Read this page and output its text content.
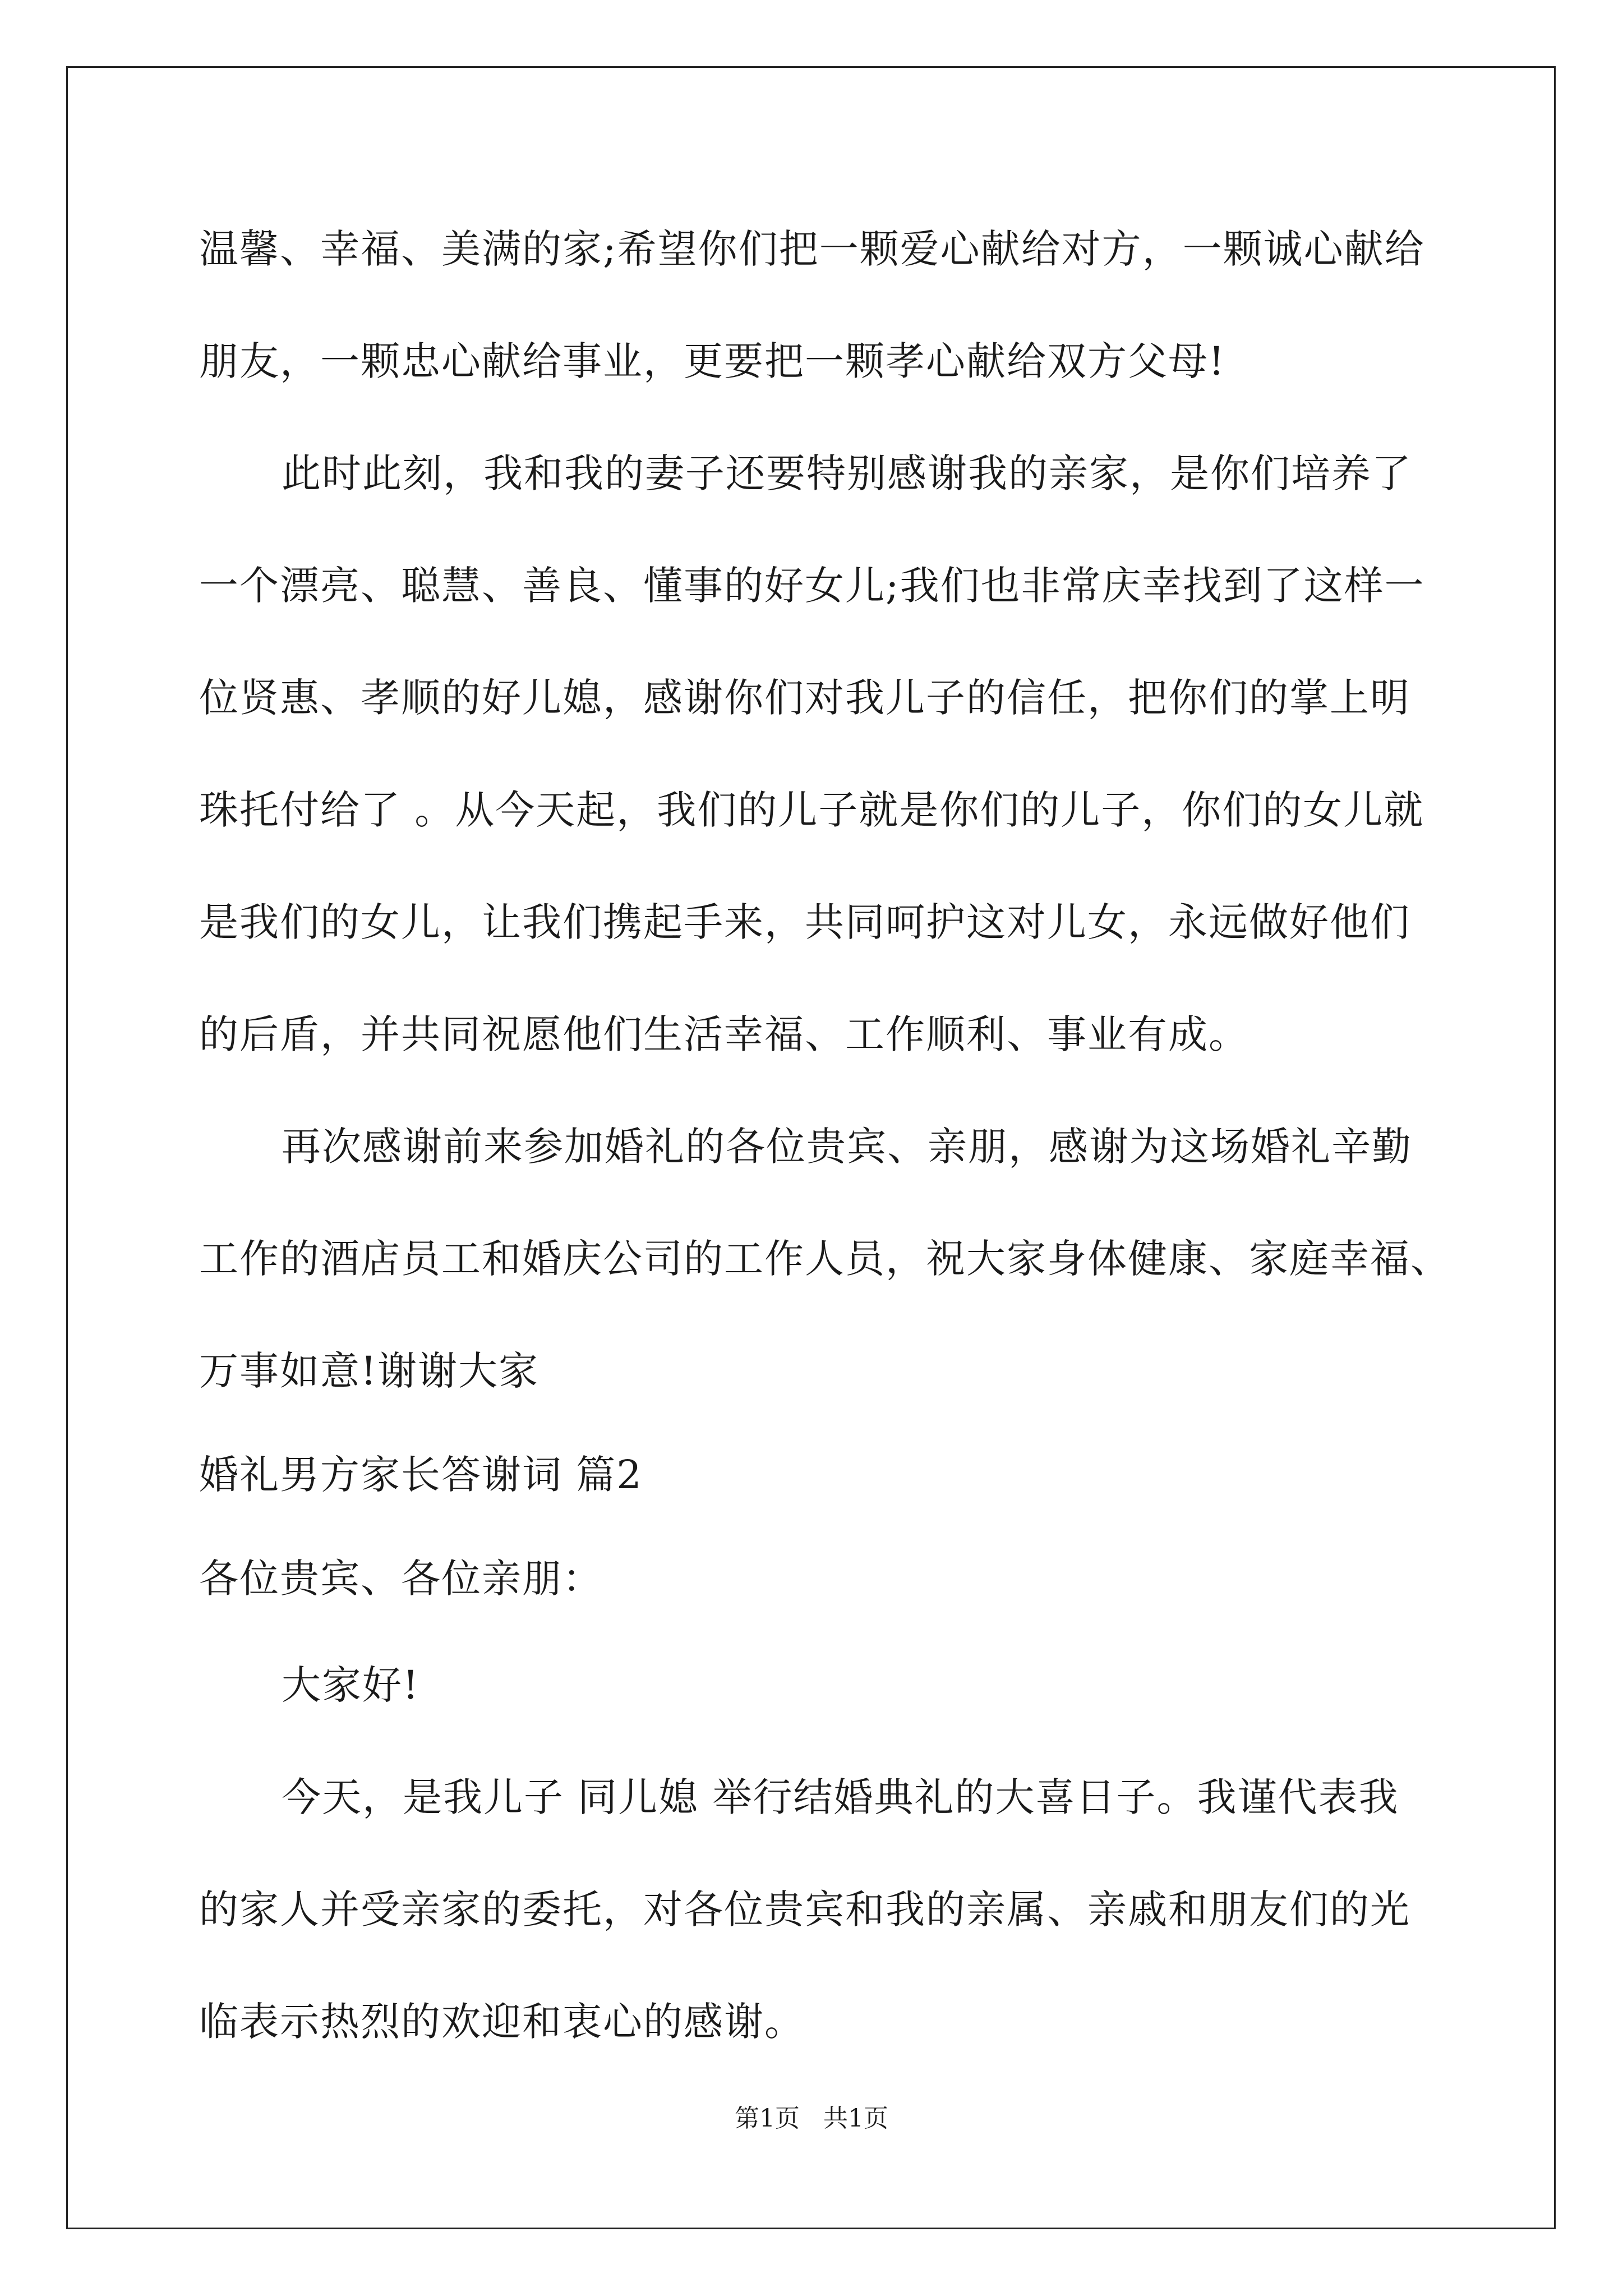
温馨、幸福、美满的家;希望你们把一颗爱心献给对方，一颗诚心献给
朋友，一颗忠心献给事业，更要把一颗孝心献给双方父母!
此时此刻，我和我的妻子还要特别感谢我的亲家，是你们培养了
一个漂亮、聪慧、善良、懂事的好女儿;我们也非常庆幸找到了这样一
位贤惠、孝顺的好儿媳，感谢你们对我儿子的信任，把你们的掌上明
珠托付给了 。从今天起，我们的儿子就是你们的儿子，你们的女儿就
是我们的女儿，让我们携起手来，共同呵护这对儿女，永远做好他们
的后盾，并共同祝愿他们生活幸福、工作顺利、事业有成。
再次感谢前来参加婚礼的各位贵宾、亲朋，感谢为这场婚礼辛勤
工作的酒店员工和婚庆公司的工作人员，祝大家身体健康、家庭幸福、
万事如意!谢谢大家
婚礼男方家长答谢词 篇2
各位贵宾、各位亲朋：
大家好!
今天，是我儿子 同儿媳 举行结婚典礼的大喜日子。我谨代表我
的家人并受亲家的委托，对各位贵宾和我的亲属、亲戚和朋友们的光
临表示热烈的欢迎和衷心的感谢。
第1页   共1页
